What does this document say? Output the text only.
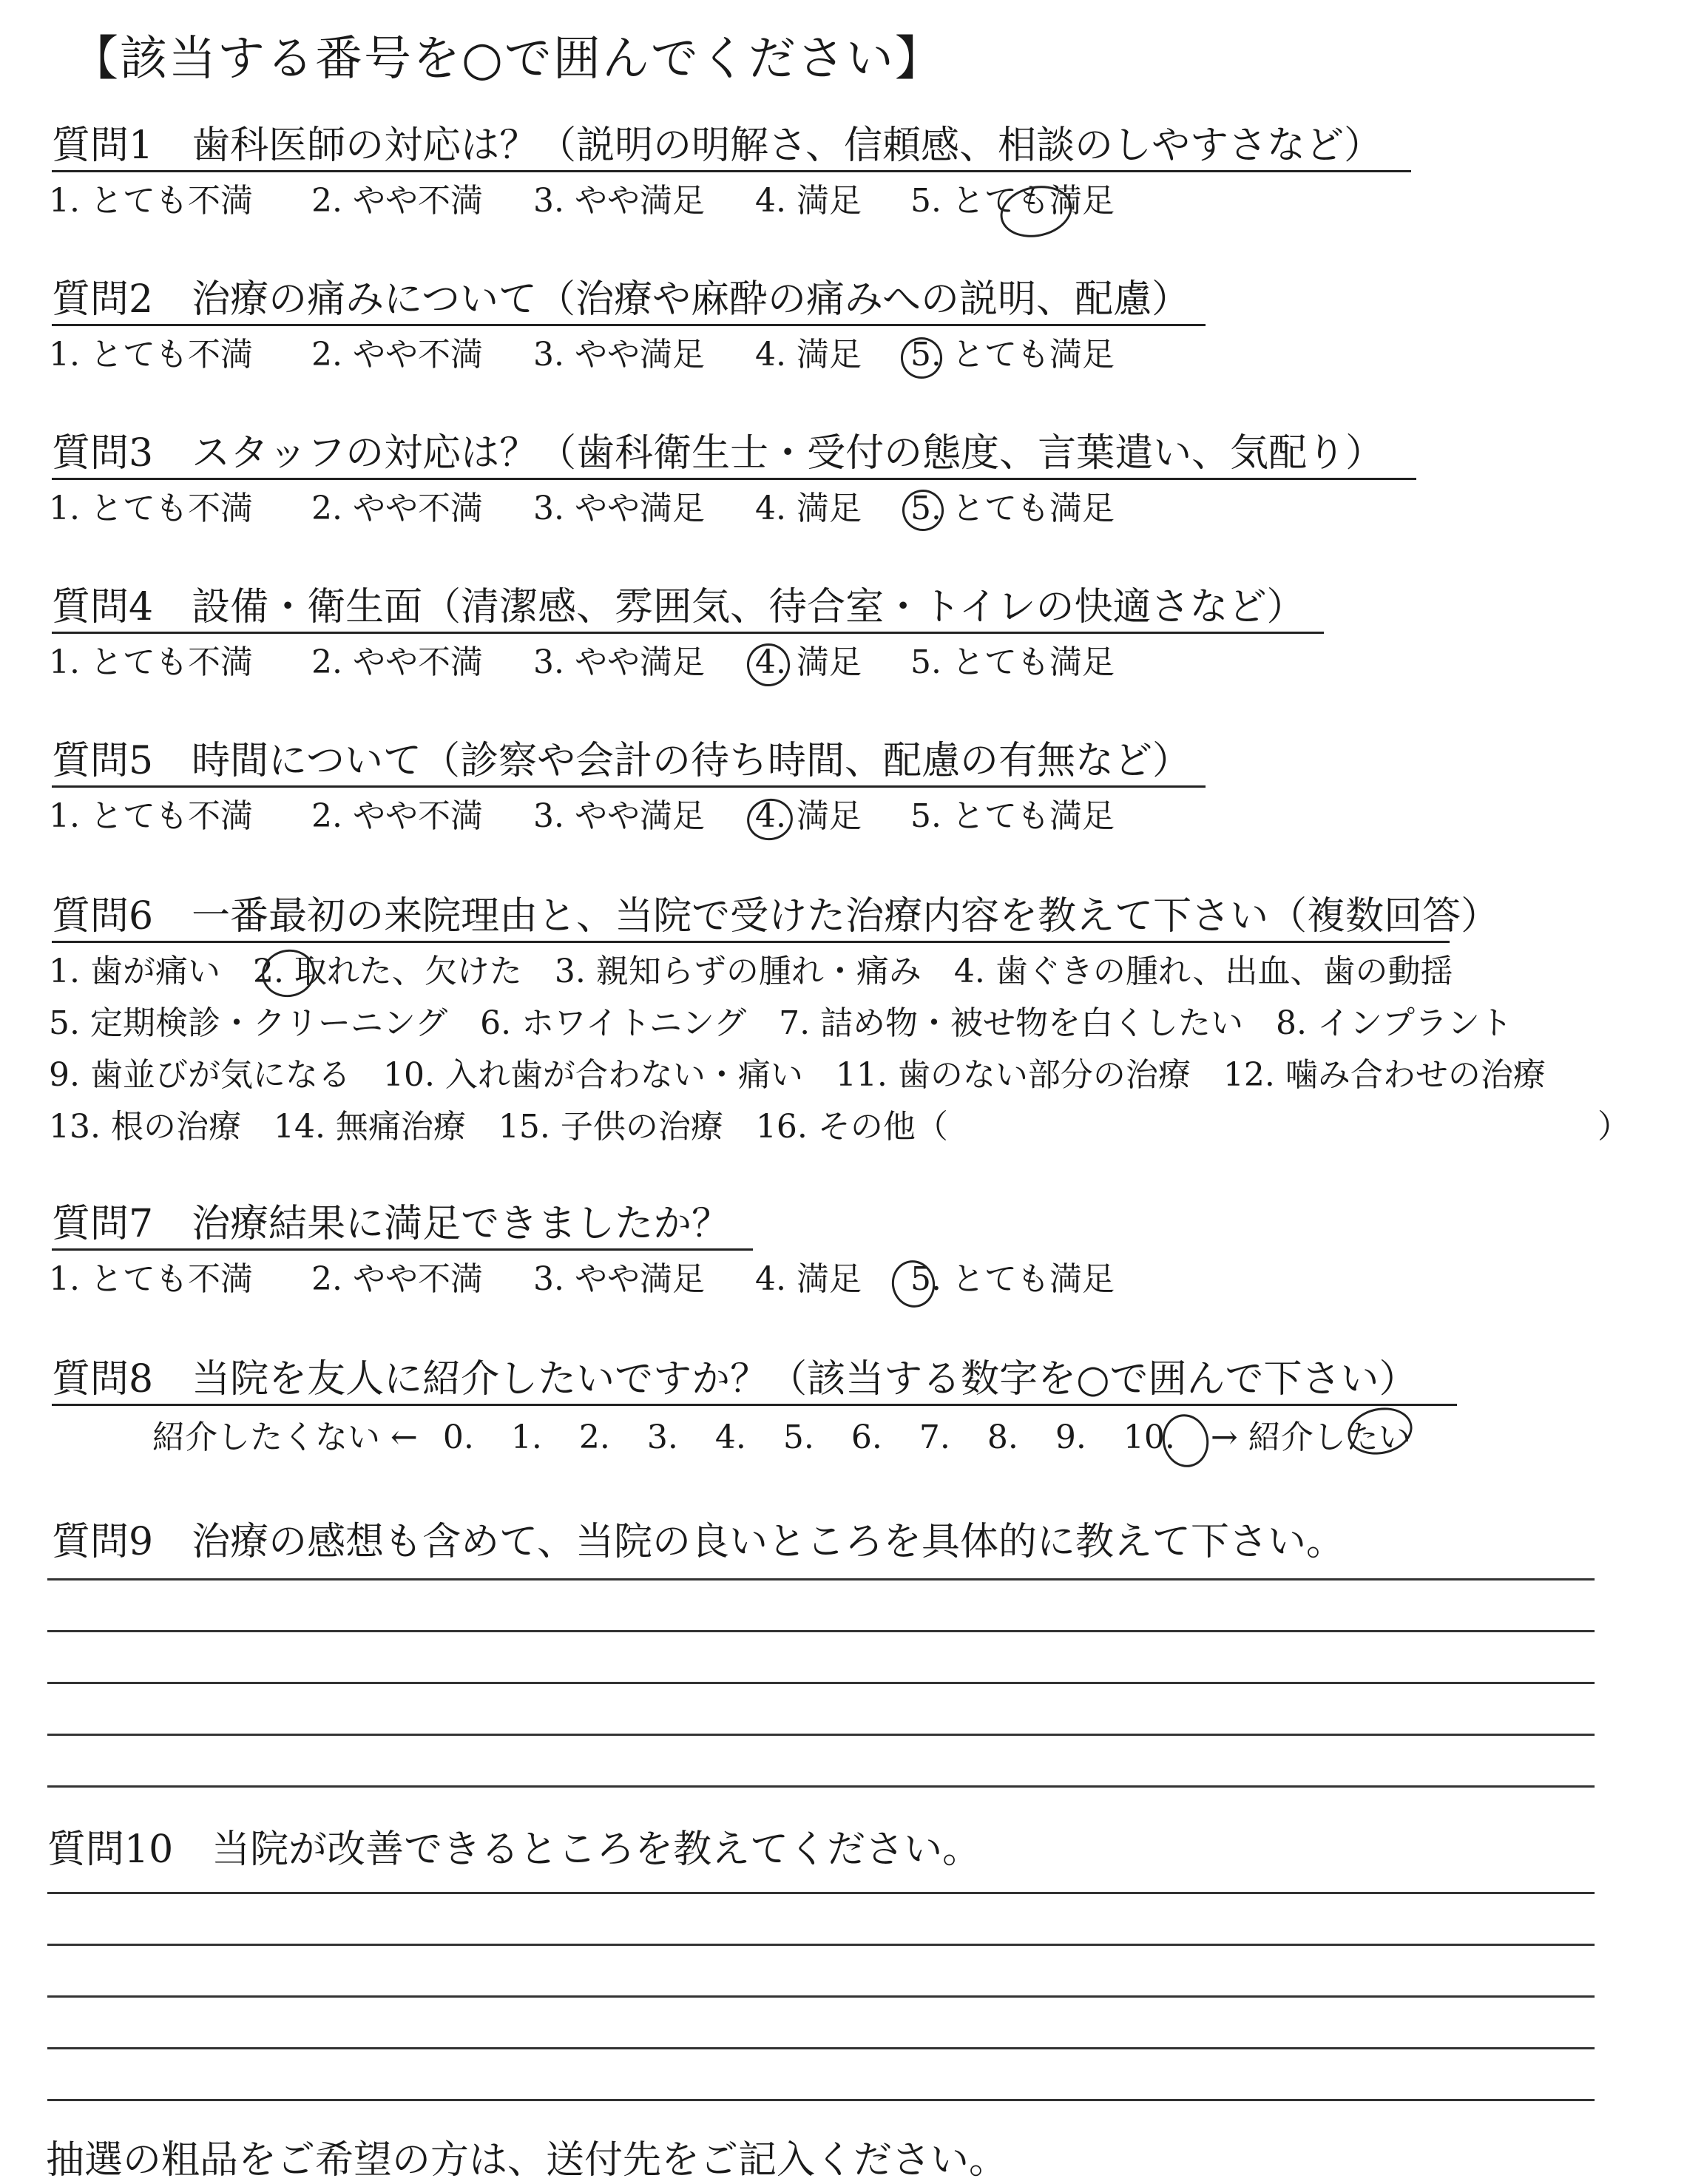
【該当する番号を○で囲んでください】
質問1　歯科医師の対応は？（説明の明解さ、信頼感、相談のしやすさなど）
1. とても不満 2. やや不満 3. やや満足 4. 満足 5. とても満足
質問2　治療の痛みについて（治療や麻酔の痛みへの説明、配慮）
1. とても不満 2. やや不満 3. やや満足 4. 満足 5. とても満足
質問3　スタッフの対応は？（歯科衛生士・受付の態度、言葉遣い、気配り）
1. とても不満 2. やや不満 3. やや満足 4. 満足 5. とても満足
質問4　設備・衛生面（清潔感、雰囲気、待合室・トイレの快適さなど）
1. とても不満 2. やや不満 3. やや満足 4. 満足 5. とても満足
質問5　時間について（診察や会計の待ち時間、配慮の有無など）
1. とても不満 2. やや不満 3. やや満足 4. 満足 5. とても満足
質問6　一番最初の来院理由と、当院で受けた治療内容を教えて下さい（複数回答）
1. 歯が痛い　2. 取れた、欠けた　3. 親知らずの腫れ・痛み　4. 歯ぐきの腫れ、出血、歯の動揺
5. 定期検診・クリーニング　6. ホワイトニング　7. 詰め物・被せ物を白くしたい　8. インプラント
9. 歯並びが気になる　10. 入れ歯が合わない・痛い　11. 歯のない部分の治療　12. 噛み合わせの治療
13. 根の治療　14. 無痛治療　15. 子供の治療　16. その他（	）
質問7　治療結果に満足できましたか？
1. とても不満 2. やや不満 3. やや満足 4. 満足 5. とても満足
質問8　当院を友人に紹介したいですか？（該当する数字を○で囲んで下さい）
紹介したくない ← 0. 1. 2. 3. 4. 5. 6. 7. 8. 9. 10. → 紹介したい
質問9　治療の感想も含めて、当院の良いところを具体的に教えて下さい。
質問10　当院が改善できるところを教えてください。
抽選の粗品をご希望の方は、送付先をご記入ください。
